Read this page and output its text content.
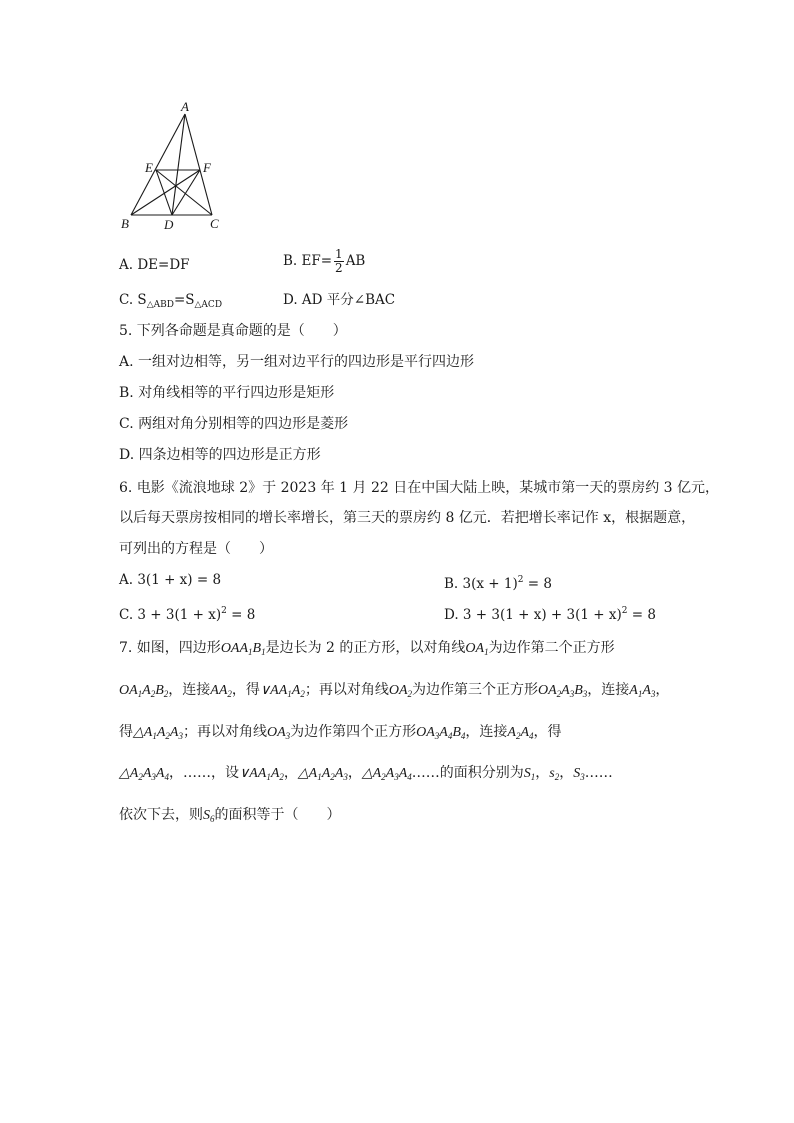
A
E	F
B	D	C
A. DE=DF	B. $EF= \frac{1}{2}$ AB
C. $S_{\triangle ABD}=S_{\triangle ACD}$	D. AD 平分∠BAC
5. 下列各命题是真命题的是（　　）
A. 一组对边相等，另一组对边平行的四边形是平行四边形
B. 对角线相等的平行四边形是矩形
C. 两组对角分别相等的四边形是菱形
D. 四条边相等的四边形是正方形
6. 电影《流浪地球 2》于 2023 年 1 月 22 日在中国大陆上映，某城市第一天的票房约 3 亿元，
以后每天票房按相同的增长率增长，第三天的票房约 8 亿元．若把增长率记作 x，根据题意，
可列出的方程是（　　）
A. 3(1 + x) = 8	B. $3(x + 1)^2 = 8$
C. $3 + 3(1 + x)^2 = 8$	D. $3 + 3(1 + x) + 3(1 + x)^2 = 8$
7. 如图，四边形$OAA_1B_1$是边长为 2 的正方形，以对角线$OA_1$为边作第二个正方形
$OA_1A_2B_2$，连接$AA_2$，得$\vee AA_1A_2$；再以对角线$OA_2$为边作第三个正方形$OA_2A_3B_3$，连接$A_1A_3$，
得$\triangle A_1A_2A_3$；再以对角线$OA_3$为边作第四个正方形$OA_3A_4B_4$，连接$A_2A_4$，得
$\triangle A_2A_3A_4$，……，设$\vee AA_1A_2$，$\triangle A_1A_2A_3$，$\triangle A_2A_3A_4\dots\dots$的面积分别为$S_1$，$s_2$，$S_3\dots\dots$
依次下去，则$S_6$的面积等于（　　）
